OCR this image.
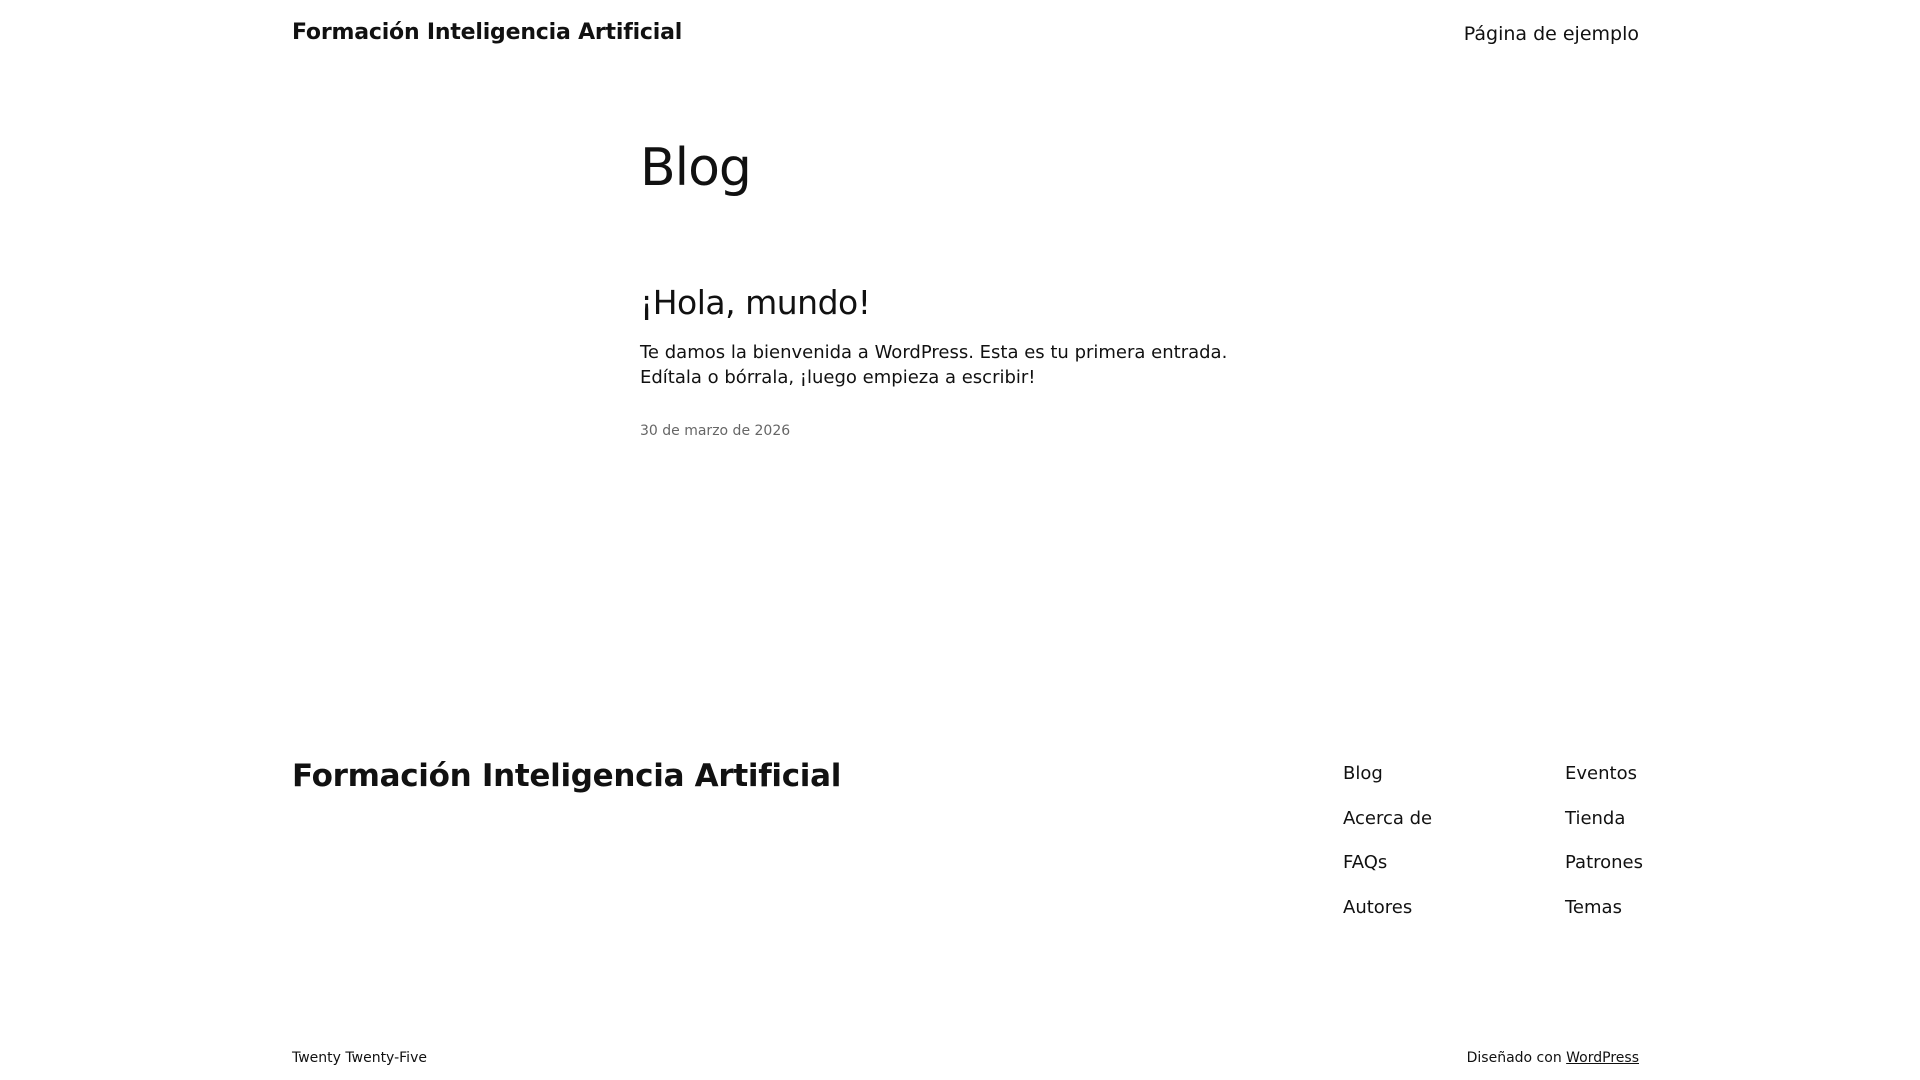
Formación Inteligencia Artificial	Página de ejemplo
Blog
¡Hola, mundo!

Te damos la bienvenida a WordPress. Esta es tu primera entrada. Edítala o bórrala, ¡luego empieza a escribir!

30 de marzo de 2026
Formación Inteligencia Artificial	Blog
Acerca de
FAQs
Autores
Eventos
Tienda
Patrones
Temas
Twenty Twenty-Five	Diseñado con WordPress
